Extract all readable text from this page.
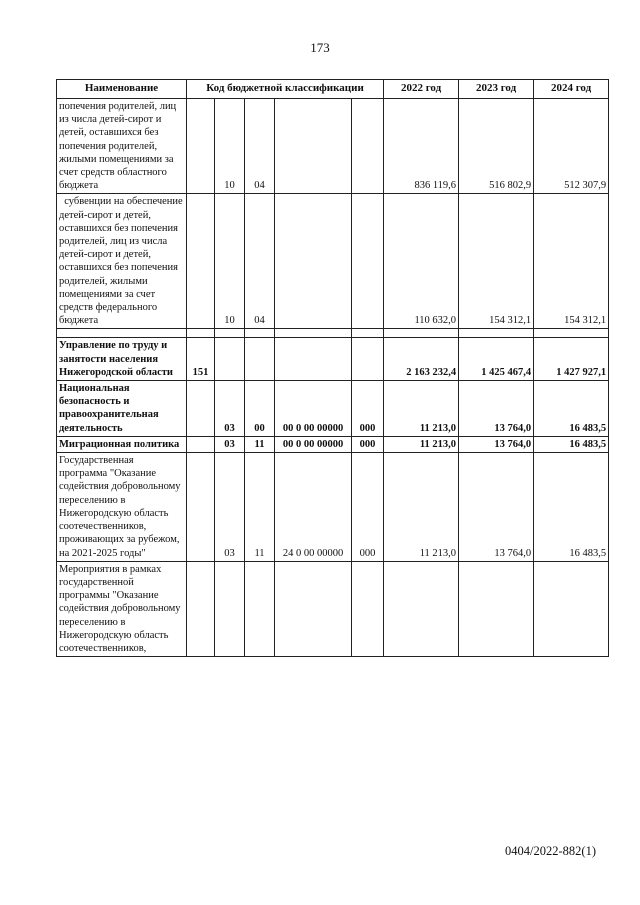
173
Наименование	Код бюджетной классификации					2022 год	2023 год	2024 год
попечения родителей, лиц из числа детей-сирот и детей, оставшихся без попечения родителей, жилыми помещениями за счет средств областного бюджета		10	04			836 119,6	516 802,9	512 307,9
субвенции на обеспечение детей-сирот и детей, оставшихся без попечения родителей, лиц из числа детей-сирот и детей, оставшихся без попечения родителей, жилыми помещениями за счет средств федерального бюджета		10	04			110 632,0	154 312,1	154 312,1

Управление по труду и занятости населения Нижегородской области	151					2 163 232,4	1 425 467,4	1 427 927,1
Национальная безопасность и правоохранительная деятельность		03	00	00 0 00 00000	000	11 213,0	13 764,0	16 483,5
Миграционная политика		03	11	00 0 00 00000	000	11 213,0	13 764,0	16 483,5
Государственная программа "Оказание содействия добровольному переселению в Нижегородскую область соотечественников, проживающих за рубежом, на 2021-2025 годы"		03	11	24 0 00 00000	000	11 213,0	13 764,0	16 483,5
Мероприятия в рамках государственной программы "Оказание содействия добровольному переселению в Нижегородскую область соотечественников,								
0404/2022-882(1)
